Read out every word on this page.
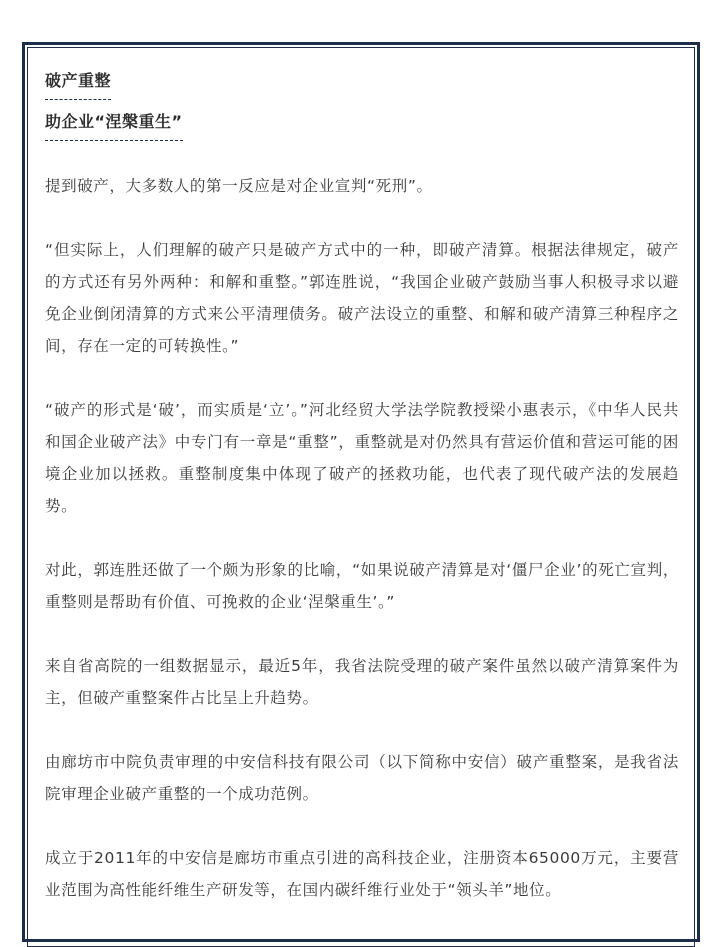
破产重整
助企业“涅槃重生”

提到破产，大多数人的第一反应是对企业宣判“死刑”。

“但实际上，人们理解的破产只是破产方式中的一种，即破产清算。根据法律规定，破产的方式还有另外两种：和解和重整。”郭连胜说，“我国企业破产鼓励当事人积极寻求以避免企业倒闭清算的方式来公平清理债务。破产法设立的重整、和解和破产清算三种程序之间，存在一定的可转换性。”

“破产的形式是‘破’，而实质是‘立’。”河北经贸大学法学院教授梁小惠表示，《中华人民共和国企业破产法》中专门有一章是“重整”，重整就是对仍然具有营运价值和营运可能的困境企业加以拯救。重整制度集中体现了破产的拯救功能，也代表了现代破产法的发展趋势。

对此，郭连胜还做了一个颇为形象的比喻，“如果说破产清算是对‘僵尸企业’的死亡宣判，重整则是帮助有价值、可挽救的企业‘涅槃重生’。”

来自省高院的一组数据显示，最近5年，我省法院受理的破产案件虽然以破产清算案件为主，但破产重整案件占比呈上升趋势。

由廊坊市中院负责审理的中安信科技有限公司（以下简称中安信）破产重整案，是我省法院审理企业破产重整的一个成功范例。

成立于2011年的中安信是廊坊市重点引进的高科技企业，注册资本65000万元，主要营业范围为高性能纤维生产研发等，在国内碳纤维行业处于“领头羊”地位。
